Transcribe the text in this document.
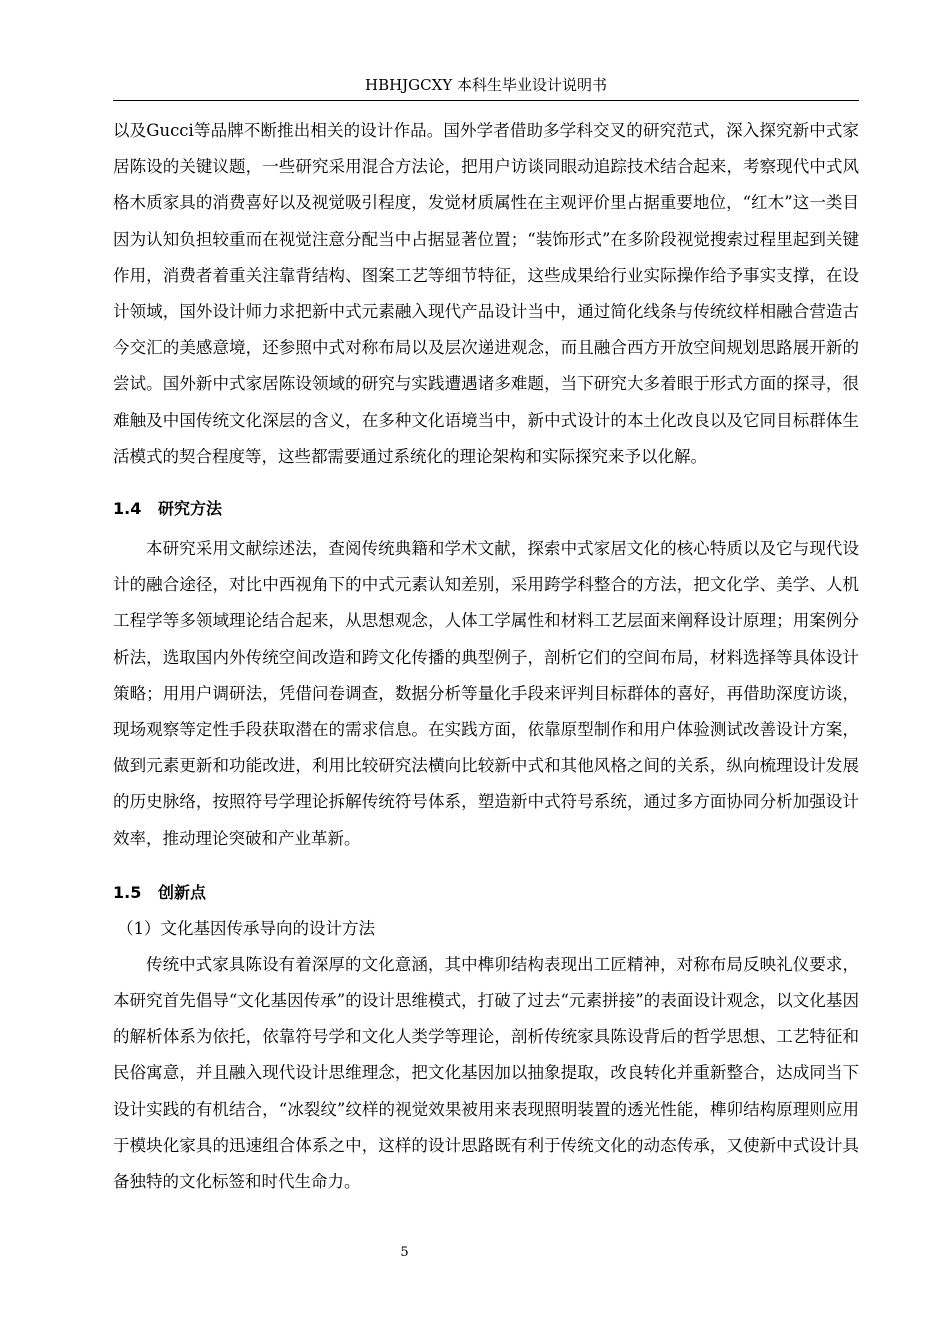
HBHJGCXY 本科生毕业设计说明书

以及Gucci等品牌不断推出相关的设计作品。国外学者借助多学科交叉的研究范式，深入探究新中式家居陈设的关键议题，一些研究采用混合方法论，把用户访谈同眼动追踪技术结合起来，考察现代中式风格木质家具的消费喜好以及视觉吸引程度，发觉材质属性在主观评价里占据重要地位，“红木”这一类目因为认知负担较重而在视觉注意分配当中占据显著位置；“装饰形式”在多阶段视觉搜索过程里起到关键作用，消费者着重关注靠背结构、图案工艺等细节特征，这些成果给行业实际操作给予事实支撑，在设计领域，国外设计师力求把新中式元素融入现代产品设计当中，通过简化线条与传统纹样相融合营造古今交汇的美感意境，还参照中式对称布局以及层次递进观念，而且融合西方开放空间规划思路展开新的尝试。国外新中式家居陈设领域的研究与实践遭遇诸多难题，当下研究大多着眼于形式方面的探寻，很难触及中国传统文化深层的含义，在多种文化语境当中，新中式设计的本土化改良以及它同目标群体生活模式的契合程度等，这些都需要通过系统化的理论架构和实际探究来予以化解。

1.4   研究方法

本研究采用文献综述法，查阅传统典籍和学术文献，探索中式家居文化的核心特质以及它与现代设计的融合途径，对比中西视角下的中式元素认知差别，采用跨学科整合的方法，把文化学、美学、人机工程学等多领域理论结合起来，从思想观念，人体工学属性和材料工艺层面来阐释设计原理；用案例分析法，选取国内外传统空间改造和跨文化传播的典型例子，剖析它们的空间布局，材料选择等具体设计策略；用用户调研法，凭借问卷调查，数据分析等量化手段来评判目标群体的喜好，再借助深度访谈，现场观察等定性手段获取潜在的需求信息。在实践方面，依靠原型制作和用户体验测试改善设计方案，做到元素更新和功能改进，利用比较研究法横向比较新中式和其他风格之间的关系，纵向梳理设计发展的历史脉络，按照符号学理论拆解传统符号体系，塑造新中式符号系统，通过多方面协同分析加强设计效率，推动理论突破和产业革新。

1.5   创新点

（1）文化基因传承导向的设计方法

传统中式家具陈设有着深厚的文化意涵，其中榫卯结构表现出工匠精神，对称布局反映礼仪要求，本研究首先倡导“文化基因传承”的设计思维模式，打破了过去“元素拼接”的表面设计观念，以文化基因的解析体系为依托，依靠符号学和文化人类学等理论，剖析传统家具陈设背后的哲学思想、工艺特征和民俗寓意，并且融入现代设计思维理念，把文化基因加以抽象提取，改良转化并重新整合，达成同当下设计实践的有机结合，“冰裂纹”纹样的视觉效果被用来表现照明装置的透光性能，榫卯结构原理则应用于模块化家具的迅速组合体系之中，这样的设计思路既有利于传统文化的动态传承，又使新中式设计具备独特的文化标签和时代生命力。

5
